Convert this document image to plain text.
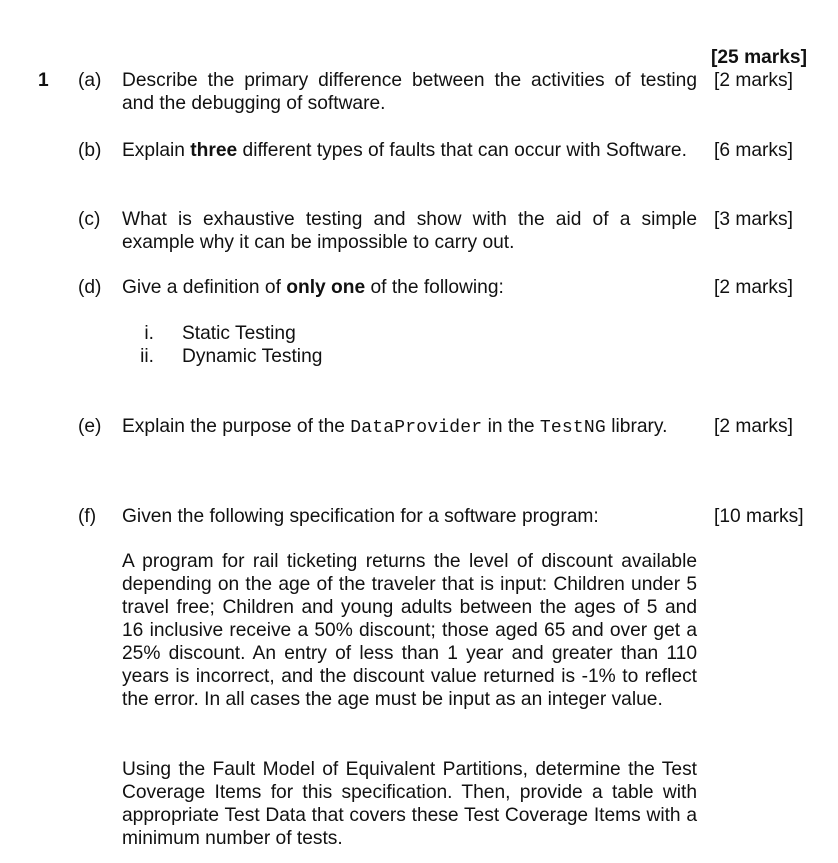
[25 marks]
1 (a) Describe the primary difference between the activities of testing and the debugging of software.
[2 marks]
(b) Explain three different types of faults that can occur with Software.	[6 marks]
(c) What is exhaustive testing and show with the aid of a simple example why it can be impossible to carry out.
[3 marks]
(d) Give a definition of only one of the following:	[2 marks]
i. Static Testing
ii. Dynamic Testing
(e) Explain the purpose of the DataProvider in the TestNG library.	[2 marks]
(f) Given the following specification for a software program:	[10 marks]
A program for rail ticketing returns the level of discount available depending on the age of the traveler that is input: Children under 5 travel free; Children and young adults between the ages of 5 and 16 inclusive receive a 50% discount; those aged 65 and over get a 25% discount. An entry of less than 1 year and greater than 110 years is incorrect, and the discount value returned is -1% to reflect the error. In all cases the age must be input as an integer value.
Using the Fault Model of Equivalent Partitions, determine the Test Coverage Items for this specification. Then, provide a table with appropriate Test Data that covers these Test Coverage Items with a minimum number of tests.
